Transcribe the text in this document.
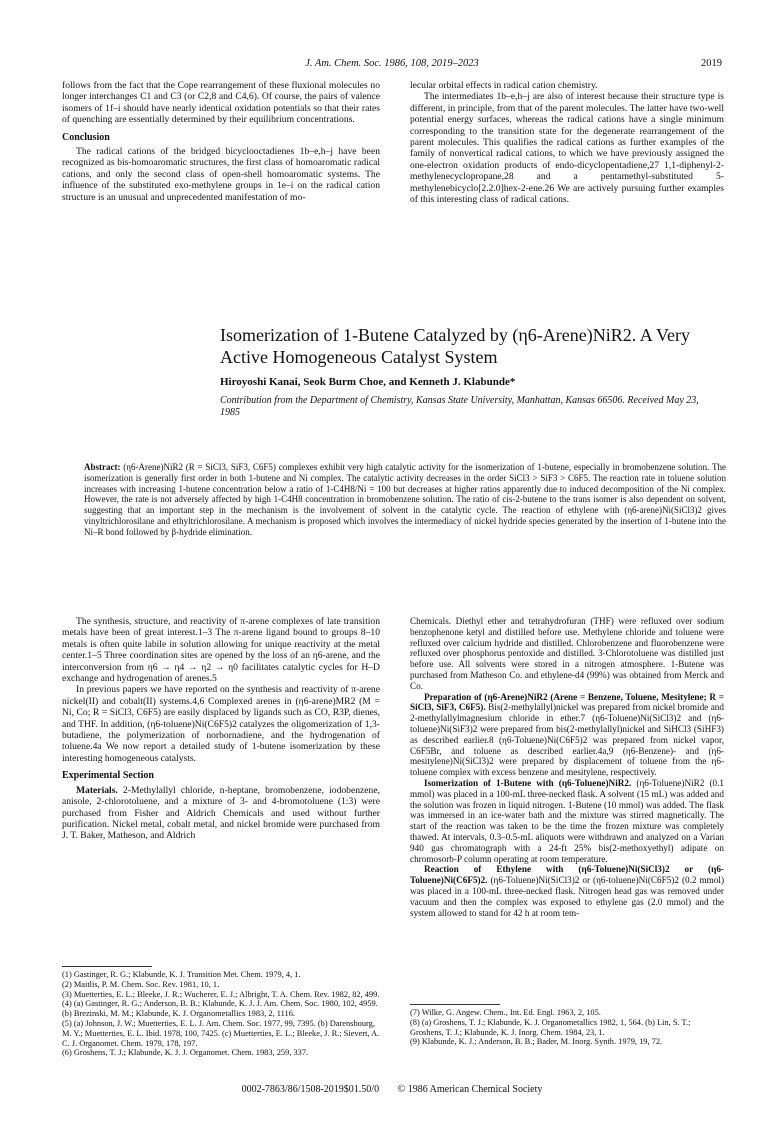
J. Am. Chem. Soc. 1986, 108, 2019–2023	2019

follows from the fact that the Cope rearrangement of these fluxional molecules no longer interchanges C1 and C3 (or C2,8 and C4,6). Of course, the pairs of valence isomers of 1f–i should have nearly identical oxidation potentials so that their rates of quenching are essentially determined by their equilibrium concentrations.

Conclusion

The radical cations of the bridged bicyclooctadienes 1b–e,h–j have been recognized as bis-homoaromatic structures, the first class of homoaromatic radical cations, and only the second class of open-shell homoaromatic systems. The influence of the substituted exo-methylene groups in 1e–i on the radical cation structure is an unusual and unprecedented manifestation of mo-

lecular orbital effects in radical cation chemistry.

The intermediates 1b–e,h–j are also of interest because their structure type is different, in principle, from that of the parent molecules. The latter have two-well potential energy surfaces, whereas the radical cations have a single minimum corresponding to the transition state for the degenerate rearrangement of the parent molecules. This qualifies the radical cations as further examples of the family of nonvertical radical cations, to which we have previously assigned the one-electron oxidation products of endo-dicyclopentadiene,27 1,1-diphenyl-2-methylenecyclopropane,28 and a pentamethyl-substituted 5-methylenebicyclo[2.2.0]hex-2-ene.26 We are actively pursuing further examples of this interesting class of radical cations.

Isomerization of 1-Butene Catalyzed by (η6-Arene)NiR2. A Very Active Homogeneous Catalyst System
Hiroyoshi Kanai, Seok Burm Choe, and Kenneth J. Klabunde*
Contribution from the Department of Chemistry, Kansas State University, Manhattan, Kansas 66506. Received May 23, 1985
Abstract: (η6-Arene)NiR2 (R = SiCl3, SiF3, C6F5) complexes exhibit very high catalytic activity for the isomerization of 1-butene, especially in bromobenzene solution. The isomerization is generally first order in both 1-butene and Ni complex. The catalytic activity decreases in the order SiCl3 > SiF3 > C6F5. The reaction rate in toluene solution increases with increasing 1-butene concentration below a ratio of 1-C4H8/Ni = 100 but decreases at higher ratios apparently due to induced decomposition of the Ni complex. However, the rate is not adversely affected by high 1-C4H8 concentration in bromobenzene solution. The ratio of cis-2-butene to the trans isomer is also dependent on solvent, suggesting that an important step in the mechanism is the involvement of solvent in the catalytic cycle. The reaction of ethylene with (η6-arene)Ni(SiCl3)2 gives vinyltrichlorosilane and ethyltrichlorosilane. A mechanism is proposed which involves the intermediacy of nickel hydride species generated by the insertion of 1-butene into the Ni–R bond followed by β-hydride elimination.

The synthesis, structure, and reactivity of π-arene complexes of late transition metals have been of great interest.1–3 The π-arene ligand bound to groups 8–10 metals is often quite labile in solution allowing for unique reactivity at the metal center.1–5 Three coordination sites are opened by the loss of an η6-arene, and the interconversion from η6 → η4 → η2 → η0 facilitates catalytic cycles for H–D exchange and hydrogenation of arenes.5

In previous papers we have reported on the synthesis and reactivity of π-arene nickel(II) and cobalt(II) systems.4,6 Complexed arenes in (η6-arene)MR2 (M = Ni, Co; R = SiCl3, C6F5) are easily displaced by ligands such as CO, R3P, dienes, and THF. In addition, (η6-toluene)Ni(C6F5)2 catalyzes the oligomerization of 1,3-butadiene, the polymerization of norbornadiene, and the hydrogenation of toluene.4a We now report a detailed study of 1-butene isomerization by these interesting homogeneous catalysts.

Experimental Section

Materials. 2-Methylallyl chloride, n-heptane, bromobenzene, iodobenzene, anisole, 2-chlorotoluene, and a mixture of 3- and 4-bromotoluene (1:3) were purchased from Fisher and Aldrich Chemicals and used without further purification. Nickel metal, cobalt metal, and nickel bromide were purchased from J. T. Baker, Matheson, and Aldrich

Chemicals. Diethyl ether and tetrahydrofuran (THF) were refluxed over sodium benzophenone ketyl and distilled before use. Methylene chloride and toluene were refluxed over calcium hydride and distilled. Chlorobenzene and fluorobenzene were refluxed over phosphorus pentoxide and distilled. 3-Chlorotoluene was distilled just before use. All solvents were stored in a nitrogen atmosphere. 1-Butene was purchased from Matheson Co. and ethylene-d4 (99%) was obtained from Merck and Co.

Preparation of (η6-Arene)NiR2 (Arene = Benzene, Toluene, Mesitylene; R = SiCl3, SiF3, C6F5). Bis(2-methylallyl)nickel was prepared from nickel bromide and 2-methylallylmagnesium chloride in ether.7 (η6-Toluene)Ni(SiCl3)2 and (η6-toluene)Ni(SiF3)2 were prepared from bis(2-methylallyl)nickel and SiHCl3 (SiHF3) as described earlier.8 (η6-Toluene)Ni(C6F5)2 was prepared from nickel vapor, C6F5Br, and toluene as described earlier.4a,9 (η6-Benzene)- and (η6-mesitylene)Ni(SiCl3)2 were prepared by displacement of toluene from the η6-toluene complex with excess benzene and mesitylene, respectively.

Isomerization of 1-Butene with (η6-Toluene)NiR2. (η6-Toluene)NiR2 (0.1 mmol) was placed in a 100-mL three-necked flask. A solvent (15 mL) was added and the solution was frozen in liquid nitrogen. 1-Butene (10 mmol) was added. The flask was immersed in an ice-water bath and the mixture was stirred magnetically. The start of the reaction was taken to be the time the frozen mixture was completely thawed. At intervals, 0.3–0.5-mL aliquots were withdrawn and analyzed on a Varian 940 gas chromatograph with a 24-ft 25% bis(2-methoxyethyl) adipate on chromosorb-P column operating at room temperature.

Reaction of Ethylene with (η6-Toluene)Ni(SiCl3)2 or (η6-Toluene)Ni(C6F5)2. (η6-Toluene)Ni(SiCl3)2 or (η6-toluene)Ni(C6F5)2 (0.2 mmol) was placed in a 100-mL three-necked flask. Nitrogen head gas was removed under vacuum and then the complex was exposed to ethylene gas (2.0 mmol) and the system allowed to stand for 42 h at room tem-

(1) Gastinger, R. G.; Klabunde, K. J. Transition Met. Chem. 1979, 4, 1.

(2) Maitlis, P. M. Chem. Soc. Rev. 1981, 10, 1.

(3) Muetterties, E. L.; Bleeke, J. R.; Wucherer, E. J.; Albright, T. A. Chem. Rev. 1982, 82, 499.

(4) (a) Gastinger, R. G.; Anderson, B. B.; Klabunde, K. J. J. Am. Chem. Soc. 1980, 102, 4959. (b) Brezinski, M. M.; Klabunde, K. J. Organometallics 1983, 2, 1116.

(5) (a) Johnson, J. W.; Muetterties, E. L. J. Am. Chem. Soc. 1977, 99, 7395. (b) Darensbourg, M. Y.; Muetterties, E. L. Ibid. 1978, 100, 7425. (c) Muetterties, E. L.; Bleeke, J. R.; Sievert, A. C. J. Organomet. Chem. 1979, 178, 197.

(6) Groshens, T. J.; Klabunde, K. J. J. Organomet. Chem. 1983, 259, 337.

(7) Wilke, G. Angew. Chem., Int. Ed. Engl. 1963, 2, 105.

(8) (a) Groshens, T. J.; Klabunde, K. J. Organometallics 1982, 1, 564. (b) Lin, S. T.; Groshens, T. J.; Klabunde, K. J. Inorg. Chem. 1984, 23, 1.

(9) Klabunde, K. J.; Anderson, B. B.; Bader, M. Inorg. Synth. 1979, 19, 72.

0002-7863/86/1508-2019$01.50/0 © 1986 American Chemical Society
